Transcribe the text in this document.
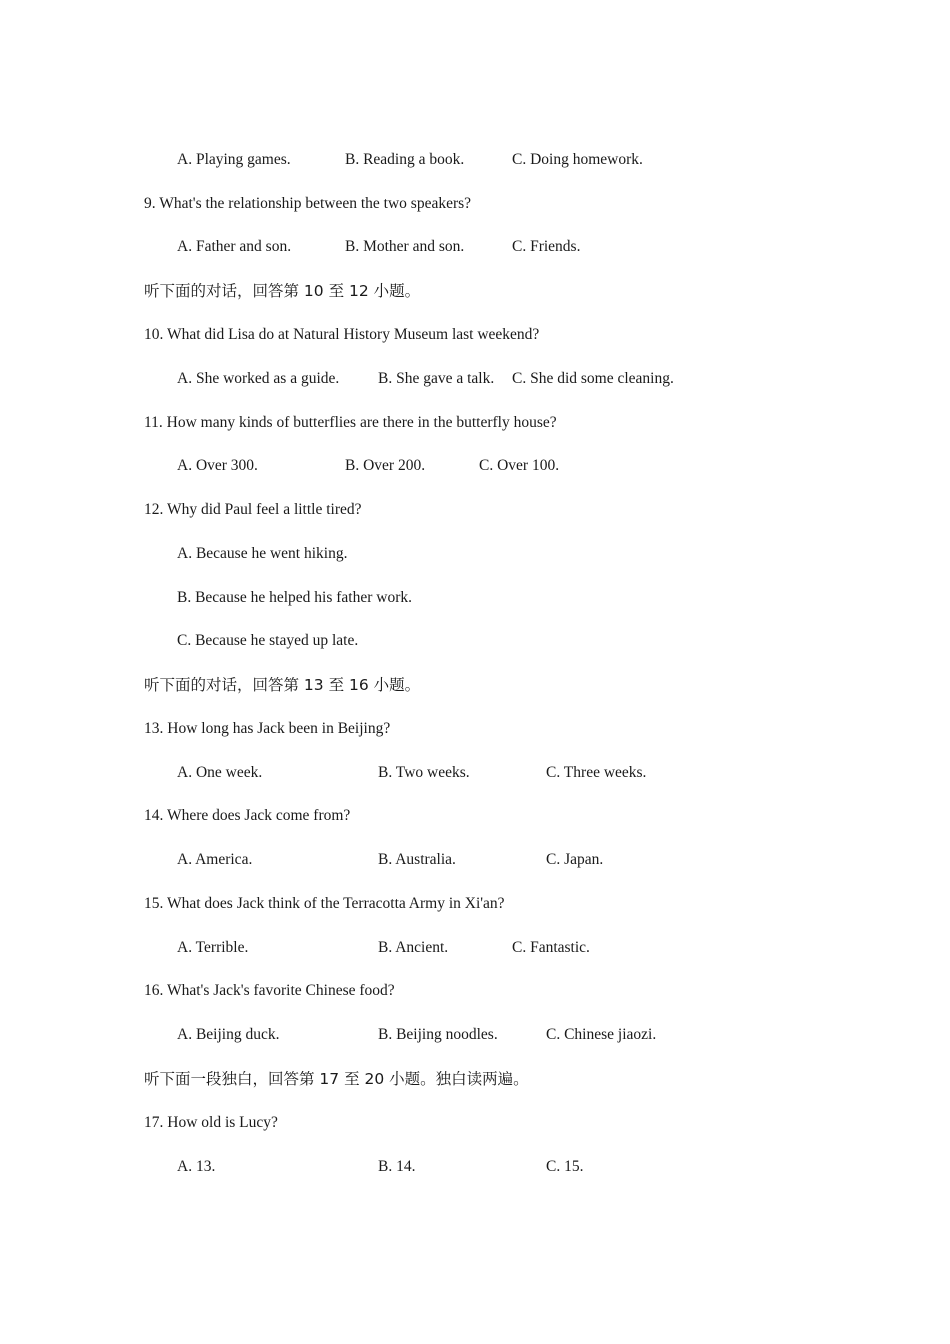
A. Playing games.	B. Reading a book.	C. Doing homework.
9. What's the relationship between the two speakers?
A. Father and son.	B. Mother and son.	C. Friends.
听下面的对话，回答第 10 至 12 小题。
10. What did Lisa do at Natural History Museum last weekend?
A. She worked as a guide. B. She gave a talk. C. She did some cleaning.
11. How many kinds of butterflies are there in the butterfly house?
A. Over 300.	B. Over 200.	C. Over 100.
12. Why did Paul feel a little tired?
A. Because he went hiking.
B. Because he helped his father work.
C. Because he stayed up late.
听下面的对话，回答第 13 至 16 小题。
13. How long has Jack been in Beijing?
A. One week.	B. Two weeks.	C. Three weeks.
14. Where does Jack come from?
A. America.	B. Australia.	C. Japan.
15. What does Jack think of the Terracotta Army in Xi'an?
A. Terrible.	B. Ancient.	C. Fantastic.
16. What's Jack's favorite Chinese food?
A. Beijing duck.	B. Beijing noodles.	C. Chinese jiaozi.
听下面一段独白，回答第 17 至 20 小题。独白读两遍。
17. How old is Lucy?
A. 13.	B. 14.	C. 15.
